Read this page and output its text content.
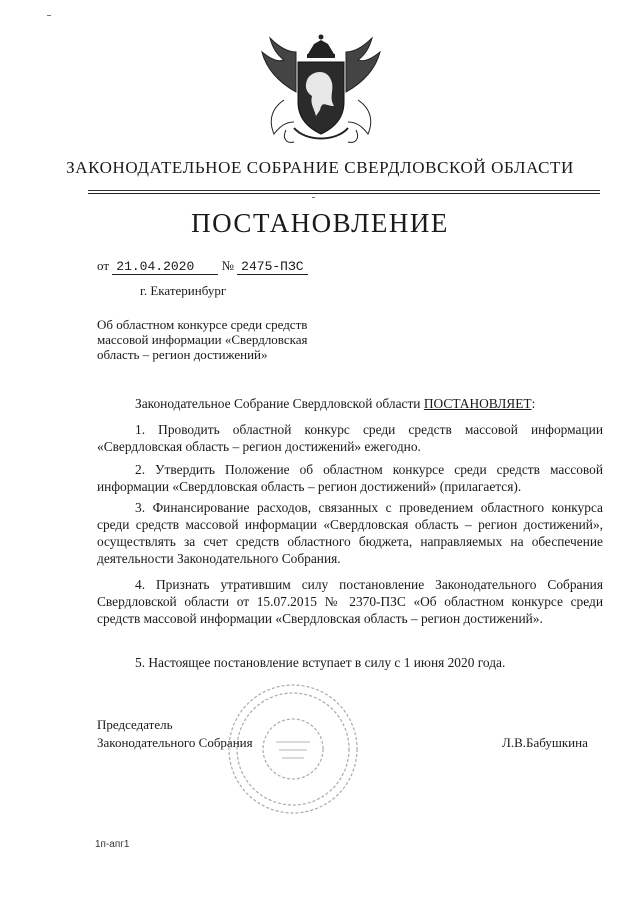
ЗАКОНОДАТЕЛЬНОЕ СОБРАНИЕ СВЕРДЛОВСКОЙ ОБЛАСТИ
ПОСТАНОВЛЕНИЕ
от 21.04.2020 № 2475-ПЗС
г. Екатеринбург
Об областном конкурсе среди средств массовой информации «Свердловская область – регион достижений»
Законодательное Собрание Свердловской области ПОСТАНОВЛЯЕТ:
1. Проводить областной конкурс среди средств массовой информации «Свердловская область – регион достижений» ежегодно.
2. Утвердить Положение об областном конкурсе среди средств массовой информации «Свердловская область – регион достижений» (прилагается).
3. Финансирование расходов, связанных с проведением областного конкурса среди средств массовой информации «Свердловская область – регион достижений», осуществлять за счет средств областного бюджета, направляемых на обеспечение деятельности Законодательного Собрания.
4. Признать утратившим силу постановление Законодательного Собрания Свердловской области от 15.07.2015 № 2370-ПЗС «Об областном конкурсе среди средств массовой информации «Свердловская область – регион достижений».
5. Настоящее постановление вступает в силу с 1 июня 2020 года.
Председатель
Законодательного Собрания	Л.В.Бабушкина
1п-апг1
